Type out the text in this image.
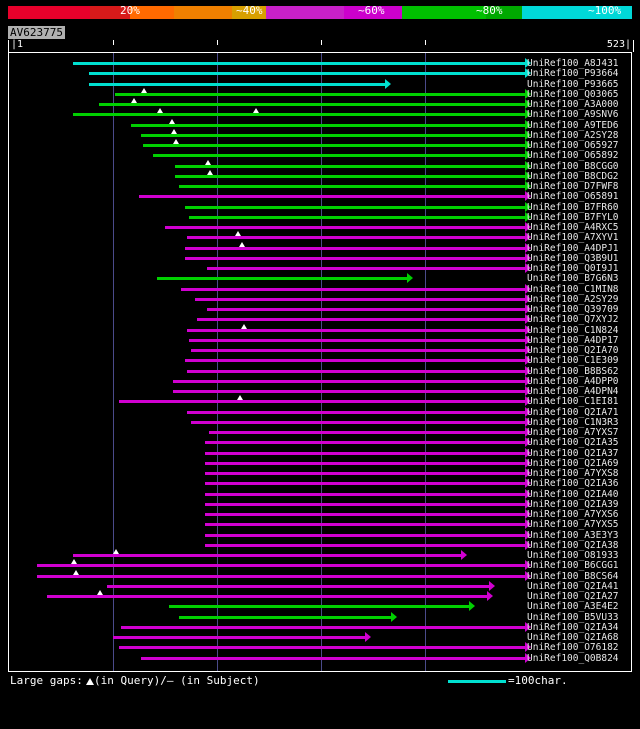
20%	~40%	~60%	~80%	~100%
AV623775
|1	523|
UniRef100_A8J431
UniRef100_P93664
UniRef100_P93665
UniRef100_Q03065
UniRef100_A3A000
UniRef100_A9SNV6
UniRef100_A9TED6
UniRef100_A2SY28
UniRef100_O65927
UniRef100_O65892
UniRef100_B8CGG0
UniRef100_B8CDG2
UniRef100_D7FWF8
UniRef100_O65891
UniRef100_B7FR60
UniRef100_B7FYL0
UniRef100_A4RXC5
UniRef100_A7XYV1
UniRef100_A4DPJ1
UniRef100_Q3B9U1
UniRef100_Q0I9J1
UniRef100_B7G6N3
UniRef100_C1MIN8
UniRef100_A2SY29
UniRef100_Q39709
UniRef100_Q7XYJ2
UniRef100_C1N824
UniRef100_A4DP17
UniRef100_Q2IA70
UniRef100_C1E309
UniRef100_B8BS62
UniRef100_A4DPP0
UniRef100_A4DPN4
UniRef100_C1EI81
UniRef100_Q2IA71
UniRef100_C1N3R3
UniRef100_A7YXS7
UniRef100_Q2IA35
UniRef100_Q2IA37
UniRef100_Q2IA69
UniRef100_A7YXS8
UniRef100_Q2IA36
UniRef100_Q2IA40
UniRef100_Q2IA39
UniRef100_A7YXS6
UniRef100_A7YXS5
UniRef100_A3E3Y3
UniRef100_Q2IA38
UniRef100_O81933
UniRef100_B6CGG1
UniRef100_B8CS64
UniRef100_Q2IA41
UniRef100_Q2IA27
UniRef100_A3E4E2
UniRef100_B5VU33
UniRef100_Q2IA34
UniRef100_Q2IA68
UniRef100_O76182
UniRef100_Q0B824
Large gaps: (in Query)/– (in Subject)	=100char.
